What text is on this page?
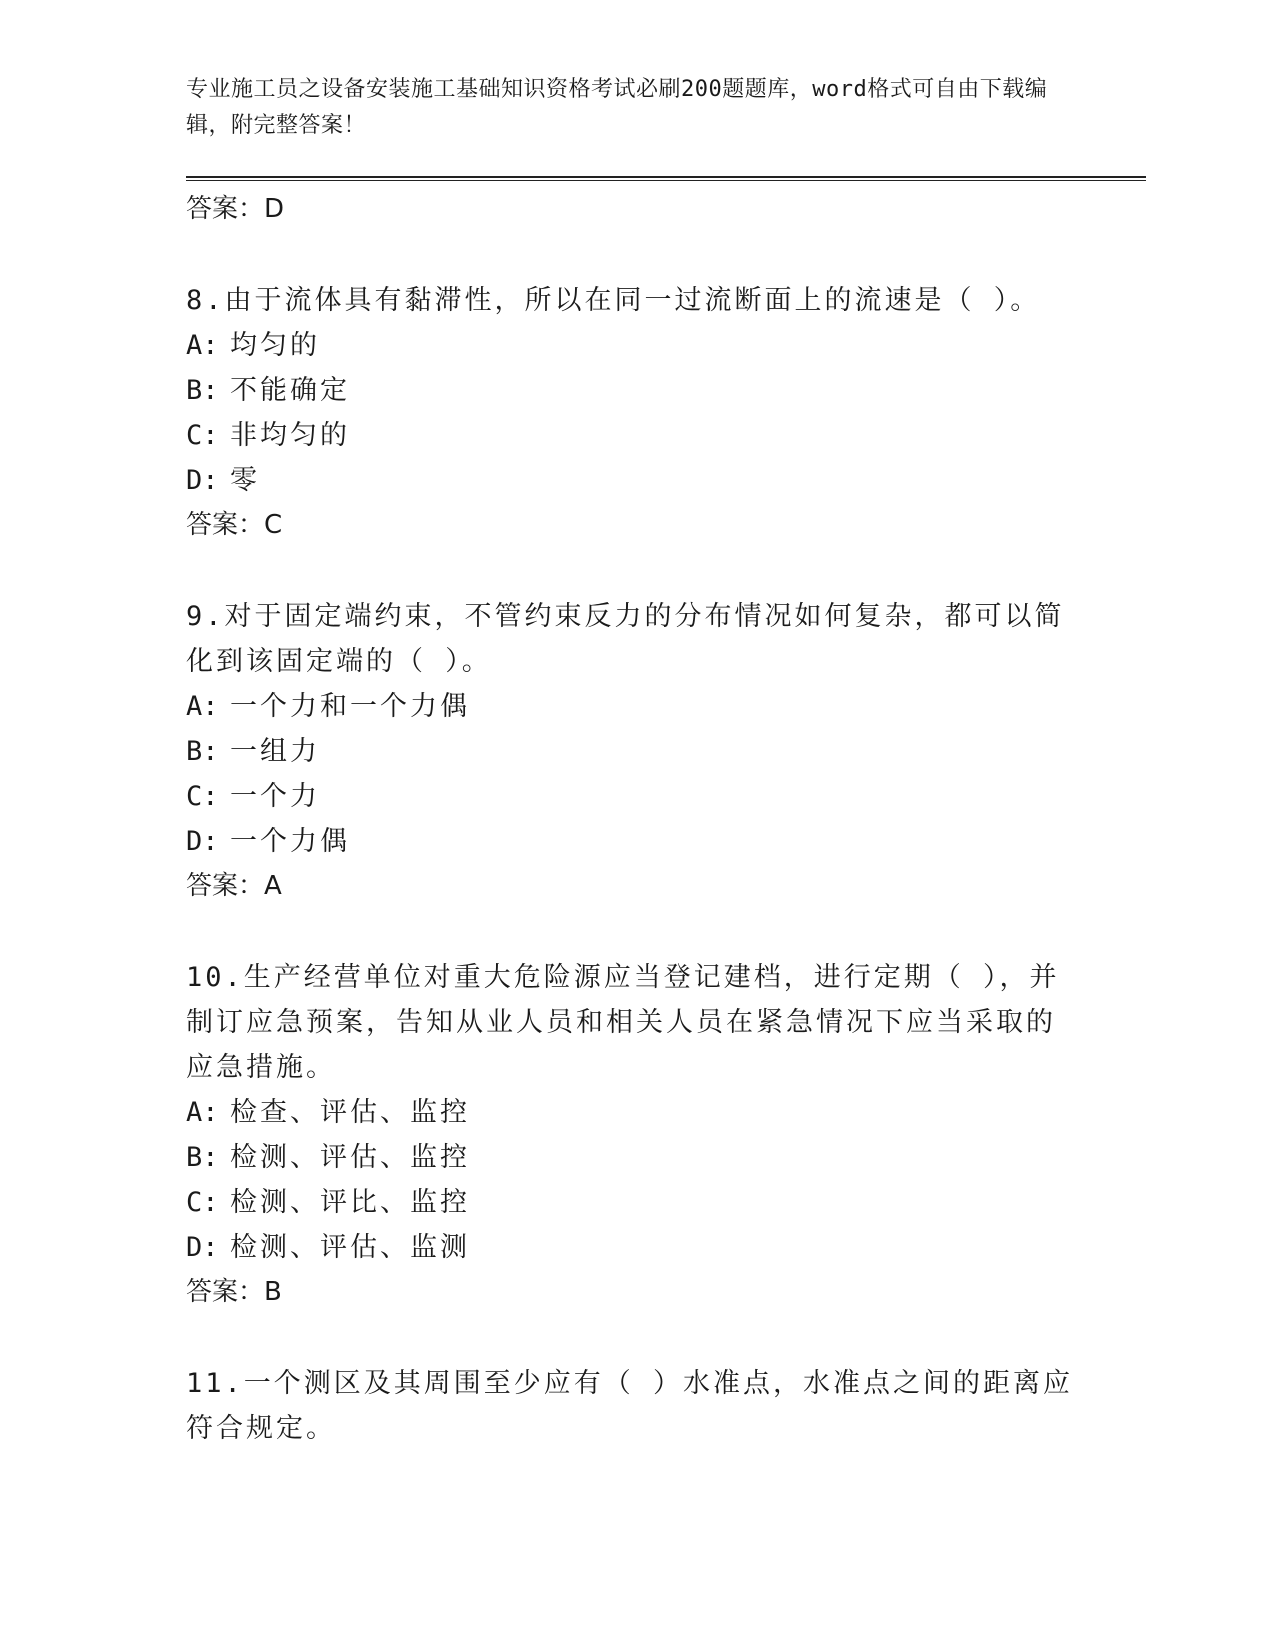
专业施工员之设备安装施工基础知识资格考试必刷200题题库，word格式可自由下载编辑，附完整答案！
答案：D
8.由于流体具有黏滞性，所以在同一过流断面上的流速是（ ）。
A: 均匀的
B: 不能确定
C: 非均匀的
D: 零
答案：C
9.对于固定端约束，不管约束反力的分布情况如何复杂，都可以简化到该固定端的（ ）。
A: 一个力和一个力偶
B: 一组力
C: 一个力
D: 一个力偶
答案：A
10.生产经营单位对重大危险源应当登记建档，进行定期（ ），并制订应急预案，告知从业人员和相关人员在紧急情况下应当采取的应急措施。
A: 检查、评估、监控
B: 检测、评估、监控
C: 检测、评比、监控
D: 检测、评估、监测
答案：B
11.一个测区及其周围至少应有（ ）水准点，水准点之间的距离应符合规定。
